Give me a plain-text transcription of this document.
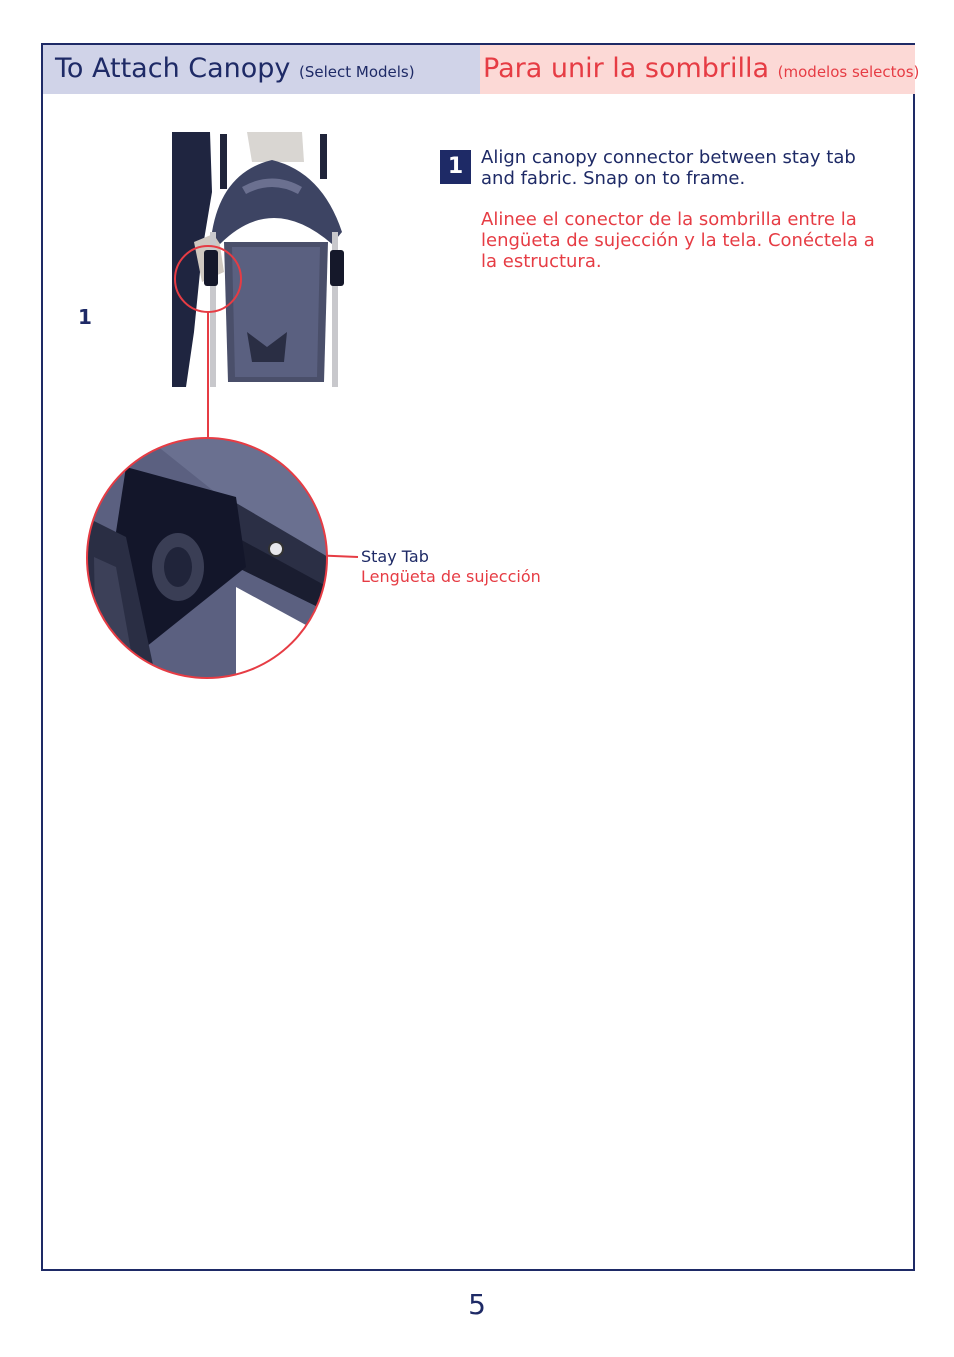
To Attach Canopy (Select Models)	Para unir la sombrilla (modelos selectos)
1
Stay Tab
Lengüeta de sujección
1 Align canopy connector between stay tab and fabric. Snap on to frame.
Alinee el conector de la sombrilla entre la lengüeta de sujección y la tela. Conéctela a la estructura.
5
